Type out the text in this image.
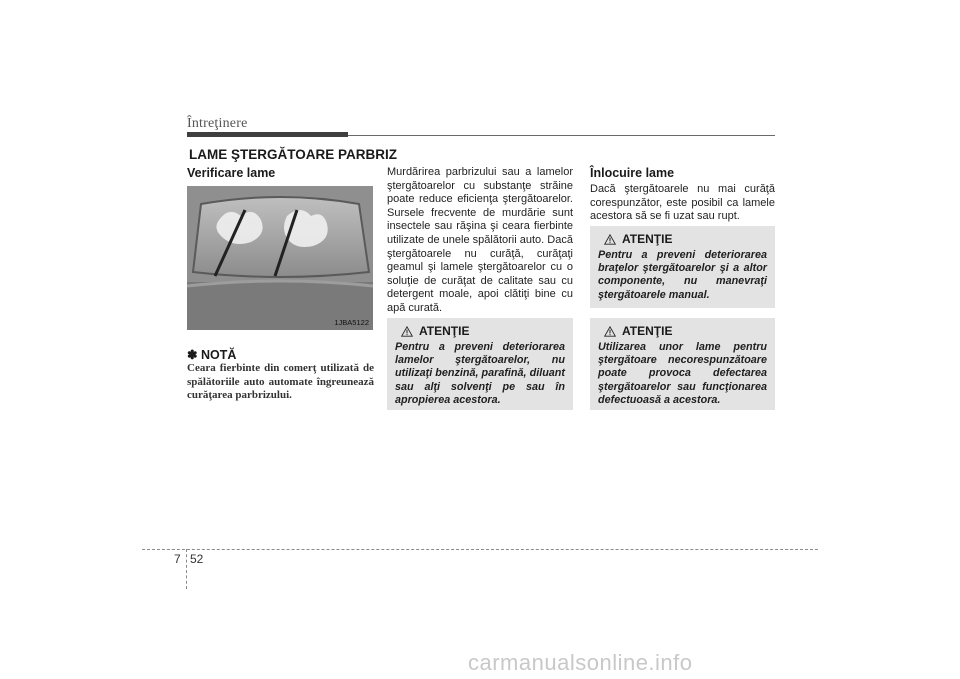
Întreţinere
LAME ŞTERGĂTOARE PARBRIZ
Verificare lame
1JBA5122
✽ NOTĂ
Ceara fierbinte din comerţ utilizată de spălătoriile auto automate îngreunează curăţarea parbrizului.
Murdărirea parbrizului sau a lamelor ştergătoarelor cu substanţe străine poate reduce eficienţa ştergătoarelor. Sursele frecvente de murdărie sunt insectele sau răşina şi ceara fierbinte utilizate de unele spălătorii auto. Dacă ştergătoarele nu curăţă, curăţaţi geamul şi lamele ştergătoarelor cu o soluţie de curăţat de calitate sau cu detergent moale, apoi clătiţi bine cu apă curată.
ATENŢIE
Pentru a preveni deteriorarea lamelor ştergătoarelor, nu utilizaţi benzină, parafină, diluant sau alţi solvenţi pe sau în apropierea acestora.
Înlocuire lame
Dacă ştergătoarele nu mai curăţă corespunzător, este posibil ca lamele acestora să se fi uzat sau rupt.
ATENŢIE
Pentru a preveni deteriorarea braţelor ştergătoarelor şi a altor componente, nu manevraţi ştergătoarele manual.
ATENŢIE
Utilizarea unor lame pentru ştergătoare necorespunzătoare poate provoca defectarea ştergătoarelor sau funcţionarea defectuoasă a acestora.
7 52
carmanualsonline.info
